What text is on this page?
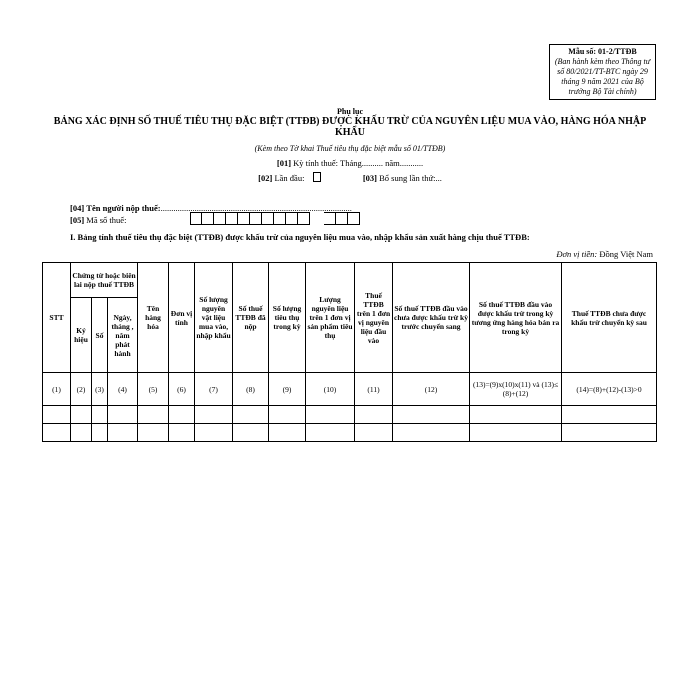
Mẫu số: 01-2/TTĐB
(Ban hành kèm theo Thông tư số 80/2021/TT-BTC ngày 29 tháng 9 năm 2021 của Bộ trưởng Bộ Tài chính)
Phụ lục
BẢNG XÁC ĐỊNH SỐ THUẾ TIÊU THỤ ĐẶC BIỆT (TTĐB) ĐƯỢC KHẤU TRỪ CỦA NGUYÊN LIỆU MUA VÀO, HÀNG HÓA NHẬP KHẨU
(Kèm theo Tờ khai Thuế tiêu thụ đặc biệt mẫu số 01/TTĐB)
[01] Kỳ tính thuế: Tháng.......... năm...........
[02] Lần đầu:	[03] Bổ sung lần thứ:...
[04] Tên người nộp thuế:..........................................................................................
[05] Mã số thuế:
I. Bảng tính thuế tiêu thụ đặc biệt (TTĐB) được khấu trừ của nguyên liệu mua vào, nhập khẩu sản xuất hàng chịu thuế TTĐB:
Đơn vị tiền: Đồng Việt Nam
STT	Chứng từ hoặc biên lai nộp thuế TTĐB			Tên hàng hóa	Đơn vị tính	Số lượng nguyên vật liệu mua vào, nhập khẩu	Số thuế TTĐB đã nộp	Số lượng tiêu thụ trong kỳ	Lượng nguyên liệu trên 1 đơn vị sản phẩm tiêu thụ	Thuế TTĐB trên 1 đơn vị nguyên liệu đầu vào	Số thuế TTĐB đầu vào chưa được khấu trừ kỳ trước chuyển sang	Số thuế TTĐB đầu vào được khấu trừ trong kỳ tương ứng hàng hóa bán ra trong kỳ	Thuế TTĐB chưa được khấu trừ chuyển kỳ sau
	Ký hiệu	Số	Ngày, tháng , năm phát hành										
(1)	(2)	(3)	(4)	(5)	(6)	(7)	(8)	(9)	(10)	(11)	(12)	(13)=(9)x(10)x(11) và (13)≤ (8)+(12)	(14)=(8)+(12)-(13)>0
